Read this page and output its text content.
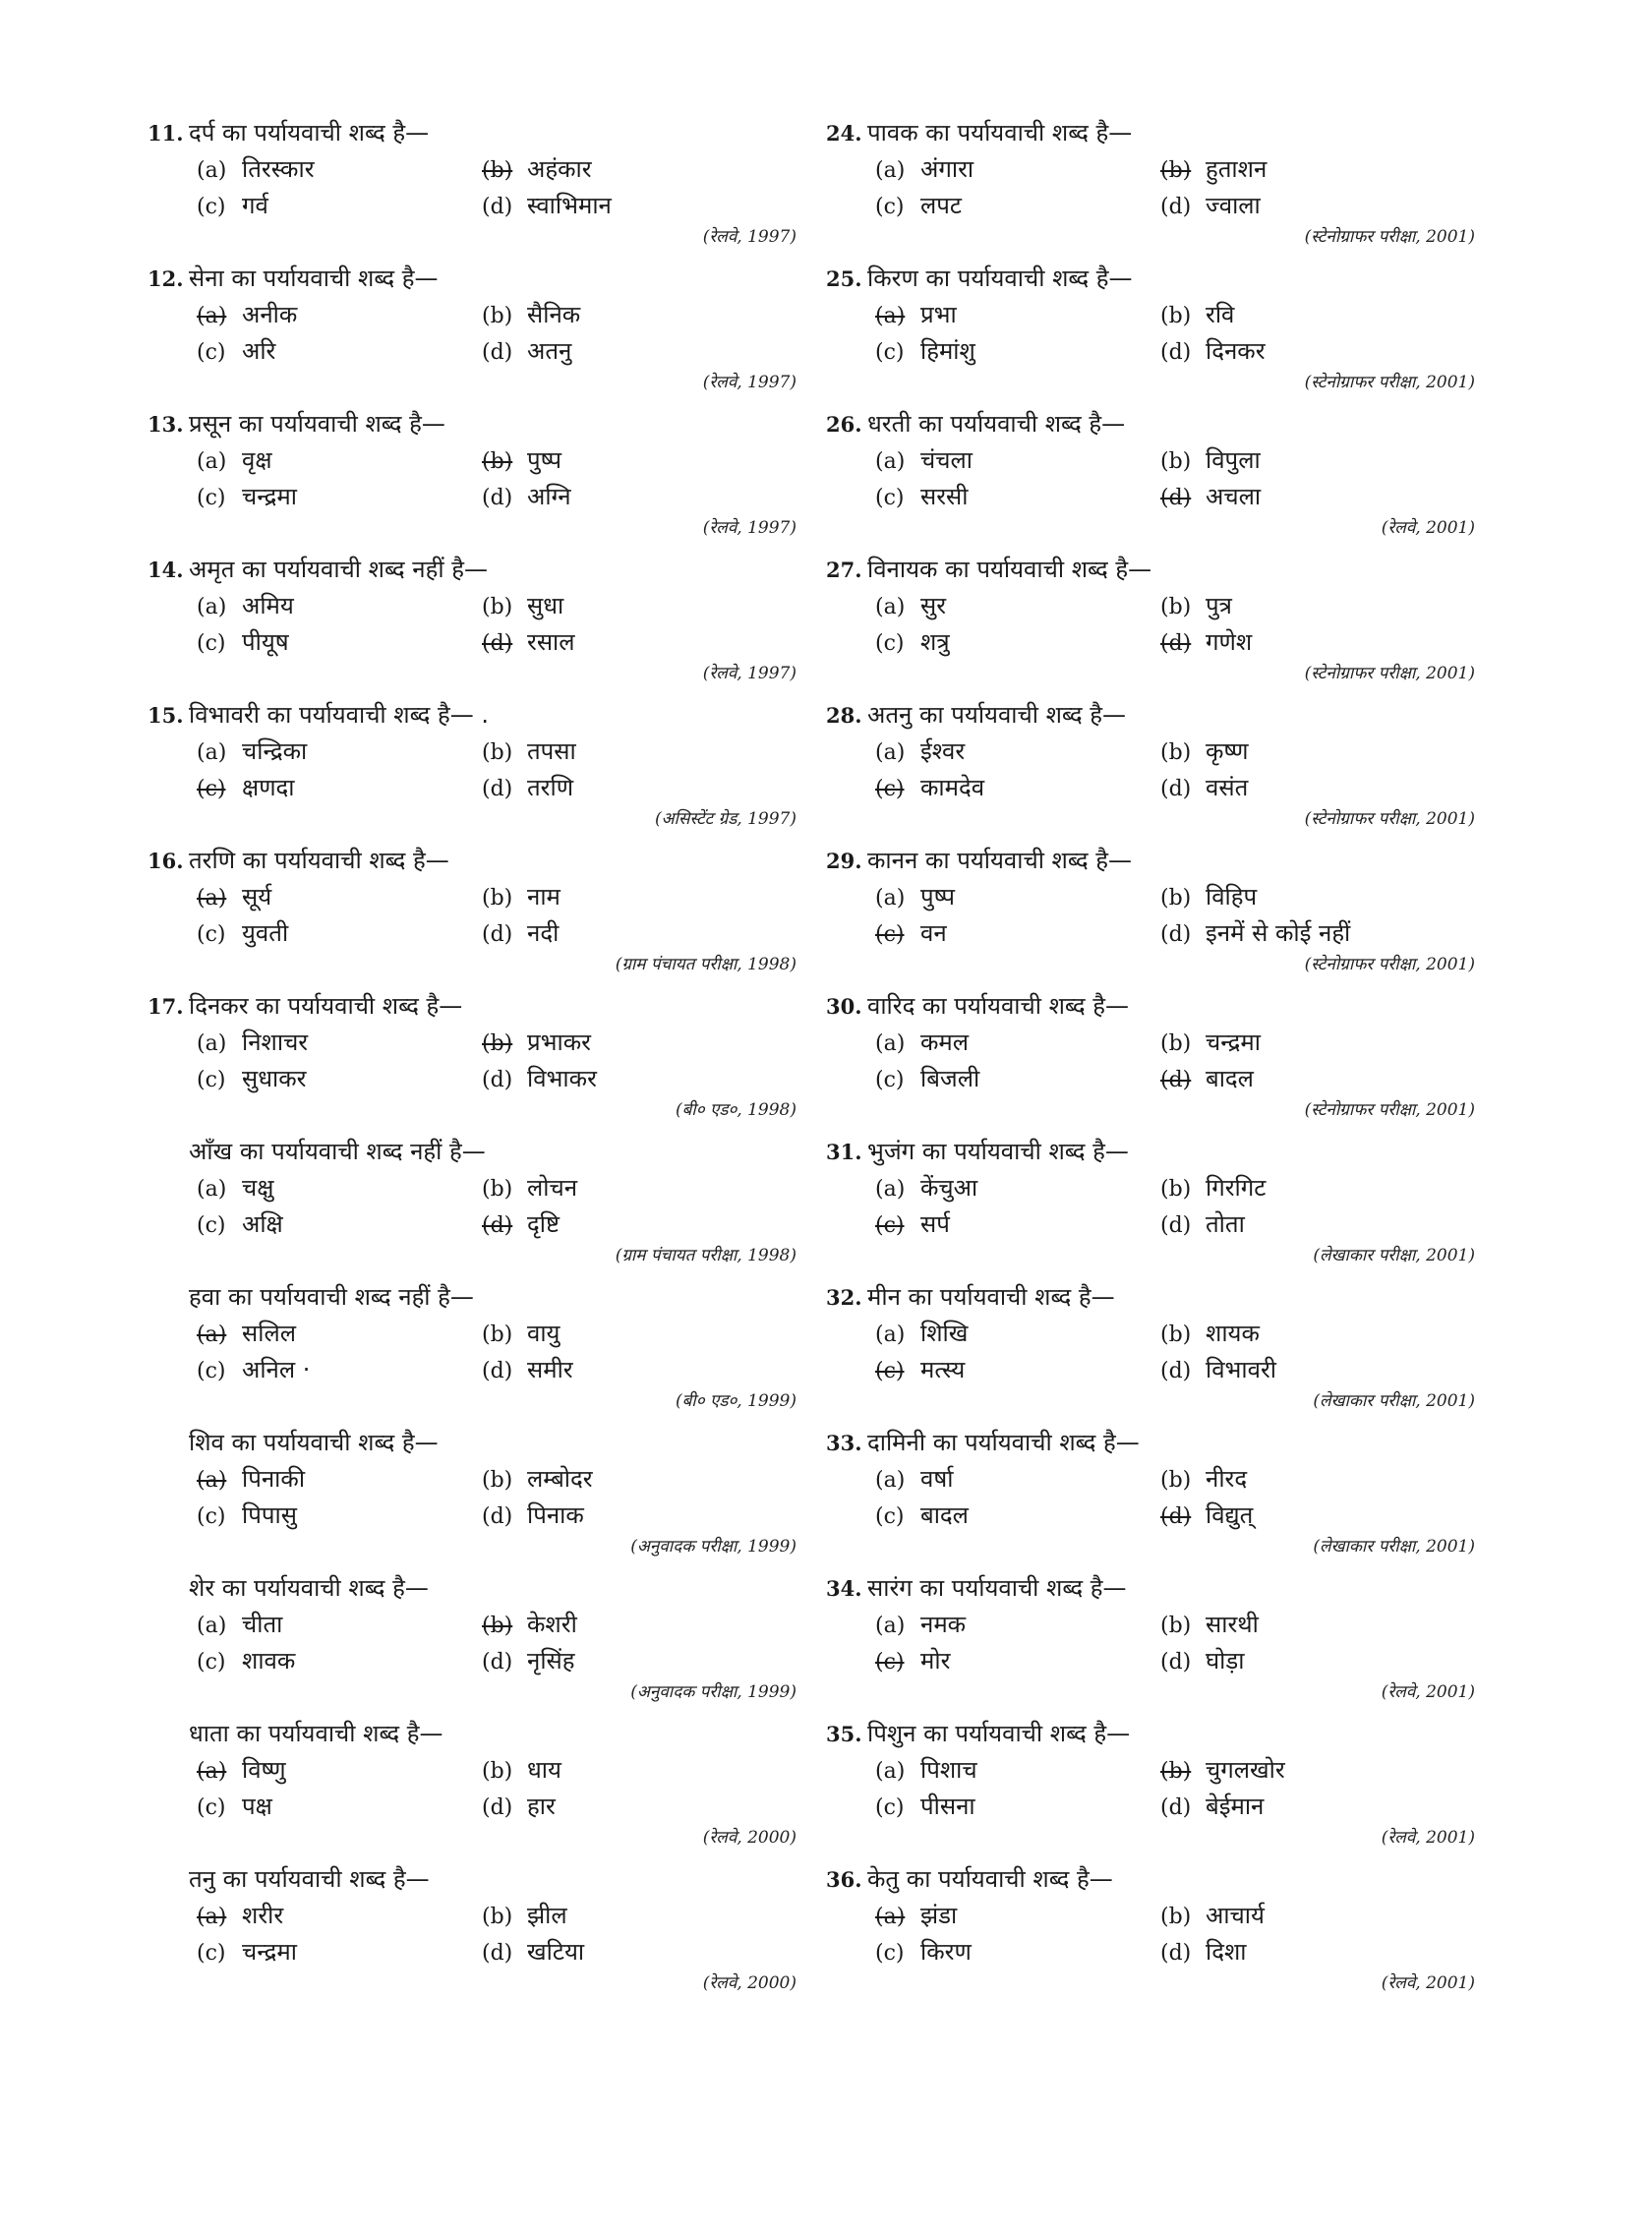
11. दर्प का पर्यायवाची शब्द है—
(a) तिरस्कार	(b) अहंकार
(c) गर्व	(d) स्वाभिमान
(रेलवे, 1997)
12. सेना का पर्यायवाची शब्द है—
(a) अनीक	(b) सैनिक
(c) अरि	(d) अतनु
(रेलवे, 1997)
13. प्रसून का पर्यायवाची शब्द है—
(a) वृक्ष	(b) पुष्प
(c) चन्द्रमा	(d) अग्नि
(रेलवे, 1997)
14. अमृत का पर्यायवाची शब्द नहीं है—
(a) अमिय	(b) सुधा
(c) पीयूष	(d) रसाल
(रेलवे, 1997)
15. विभावरी का पर्यायवाची शब्द है— .
(a) चन्द्रिका	(b) तपसा
(c) क्षणदा	(d) तरणि
(असिस्टेंट ग्रेड, 1997)
16. तरणि का पर्यायवाची शब्द है—
(a) सूर्य	(b) नाम
(c) युवती	(d) नदी
(ग्राम पंचायत परीक्षा, 1998)
17. दिनकर का पर्यायवाची शब्द है—
(a) निशाचर	(b) प्रभाकर
(c) सुधाकर	(d) विभाकर
(बी० एड०, 1998)
आँख का पर्यायवाची शब्द नहीं है—
(a) चक्षु	(b) लोचन
(c) अक्षि	(d) दृष्टि
(ग्राम पंचायत परीक्षा, 1998)
हवा का पर्यायवाची शब्द नहीं है—
(a) सलिल	(b) वायु
(c) अनिल ·	(d) समीर
(बी० एड०, 1999)
शिव का पर्यायवाची शब्द है—
(a) पिनाकी	(b) लम्बोदर
(c) पिपासु	(d) पिनाक
(अनुवादक परीक्षा, 1999)
शेर का पर्यायवाची शब्द है—
(a) चीता	(b) केशरी
(c) शावक	(d) नृसिंह
(अनुवादक परीक्षा, 1999)
धाता का पर्यायवाची शब्द है—
(a) विष्णु	(b) धाय
(c) पक्ष	(d) हार
(रेलवे, 2000)
तनु का पर्यायवाची शब्द है—
(a) शरीर	(b) झील
(c) चन्द्रमा	(d) खटिया
(रेलवे, 2000)
24. पावक का पर्यायवाची शब्द है—
(a) अंगारा	(b) हुताशन
(c) लपट	(d) ज्वाला
(स्टेनोग्राफर परीक्षा, 2001)
25. किरण का पर्यायवाची शब्द है—
(a) प्रभा	(b) रवि
(c) हिमांशु	(d) दिनकर
(स्टेनोग्राफर परीक्षा, 2001)
26. धरती का पर्यायवाची शब्द है—
(a) चंचला	(b) विपुला
(c) सरसी	(d) अचला
(रेलवे, 2001)
27. विनायक का पर्यायवाची शब्द है—
(a) सुर	(b) पुत्र
(c) शत्रु	(d) गणेश
(स्टेनोग्राफर परीक्षा, 2001)
28. अतनु का पर्यायवाची शब्द है—
(a) ईश्वर	(b) कृष्ण
(c) कामदेव	(d) वसंत
(स्टेनोग्राफर परीक्षा, 2001)
29. कानन का पर्यायवाची शब्द है—
(a) पुष्प	(b) विहिप
(c) वन	(d) इनमें से कोई नहीं
(स्टेनोग्राफर परीक्षा, 2001)
30. वारिद का पर्यायवाची शब्द है—
(a) कमल	(b) चन्द्रमा
(c) बिजली	(d) बादल
(स्टेनोग्राफर परीक्षा, 2001)
31. भुजंग का पर्यायवाची शब्द है—
(a) केंचुआ	(b) गिरगिट
(c) सर्प	(d) तोता
(लेखाकार परीक्षा, 2001)
32. मीन का पर्यायवाची शब्द है—
(a) शिखि	(b) शायक
(c) मत्स्य	(d) विभावरी
(लेखाकार परीक्षा, 2001)
33. दामिनी का पर्यायवाची शब्द है—
(a) वर्षा	(b) नीरद
(c) बादल	(d) विद्युत्
(लेखाकार परीक्षा, 2001)
34. सारंग का पर्यायवाची शब्द है—
(a) नमक	(b) सारथी
(c) मोर	(d) घोड़ा
(रेलवे, 2001)
35. पिशुन का पर्यायवाची शब्द है—
(a) पिशाच	(b) चुगलखोर
(c) पीसना	(d) बेईमान
(रेलवे, 2001)
36. केतु का पर्यायवाची शब्द है—
(a) झंडा	(b) आचार्य
(c) किरण	(d) दिशा
(रेलवे, 2001)
